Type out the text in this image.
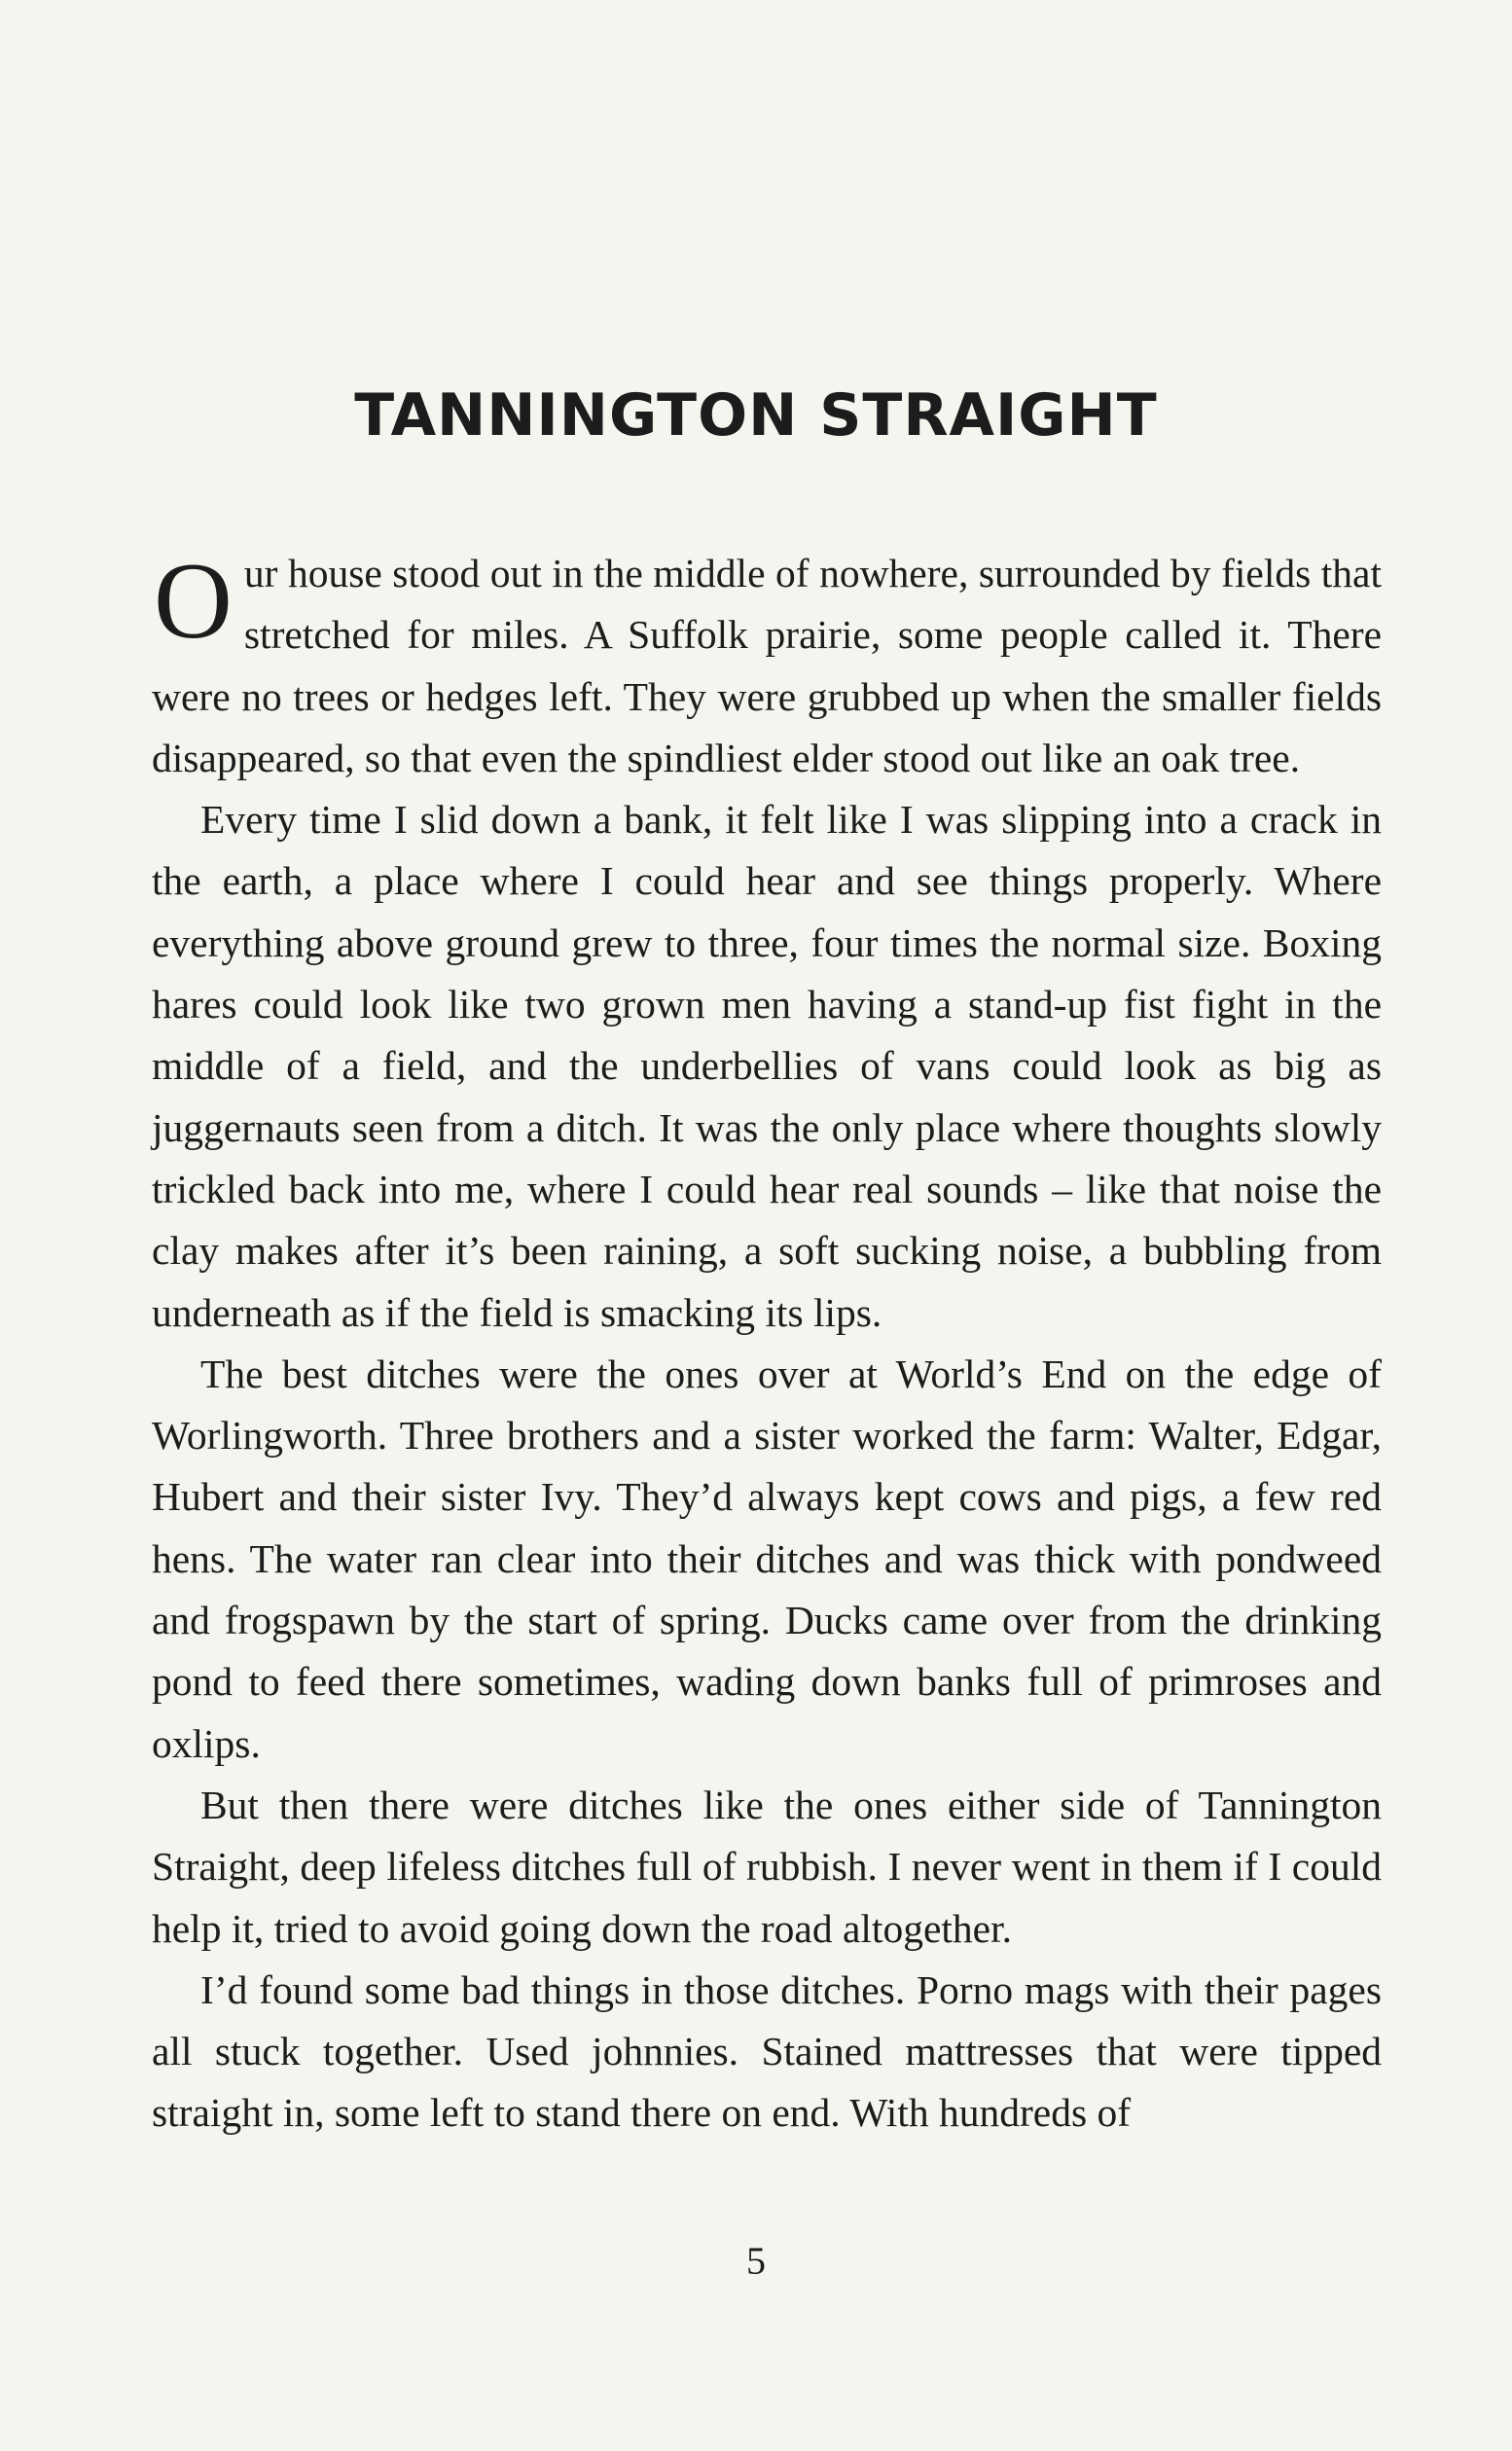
TANNINGTON STRAIGHT

Our house stood out in the middle of nowhere, surrounded by fields that stretched for miles. A Suffolk prairie, some people called it. There were no trees or hedges left. They were grubbed up when the smaller fields disappeared, so that even the spindliest elder stood out like an oak tree.

Every time I slid down a bank, it felt like I was slipping into a crack in the earth, a place where I could hear and see things properly. Where everything above ground grew to three, four times the normal size. Boxing hares could look like two grown men having a stand-up fist fight in the middle of a field, and the underbellies of vans could look as big as juggernauts seen from a ditch. It was the only place where thoughts slowly trickled back into me, where I could hear real sounds – like that noise the clay makes after it’s been raining, a soft sucking noise, a bubbling from underneath as if the field is smacking its lips.

The best ditches were the ones over at World’s End on the edge of Worlingworth. Three brothers and a sister worked the farm: Walter, Edgar, Hubert and their sister Ivy. They’d always kept cows and pigs, a few red hens. The water ran clear into their ditches and was thick with pondweed and frogspawn by the start of spring. Ducks came over from the drinking pond to feed there sometimes, wading down banks full of primroses and oxlips.

But then there were ditches like the ones either side of Tannington Straight, deep lifeless ditches full of rubbish. I never went in them if I could help it, tried to avoid going down the road altogether.

I’d found some bad things in those ditches. Porno mags with their pages all stuck together. Used johnnies. Stained mattresses that were tipped straight in, some left to stand there on end. With hundreds of

5
